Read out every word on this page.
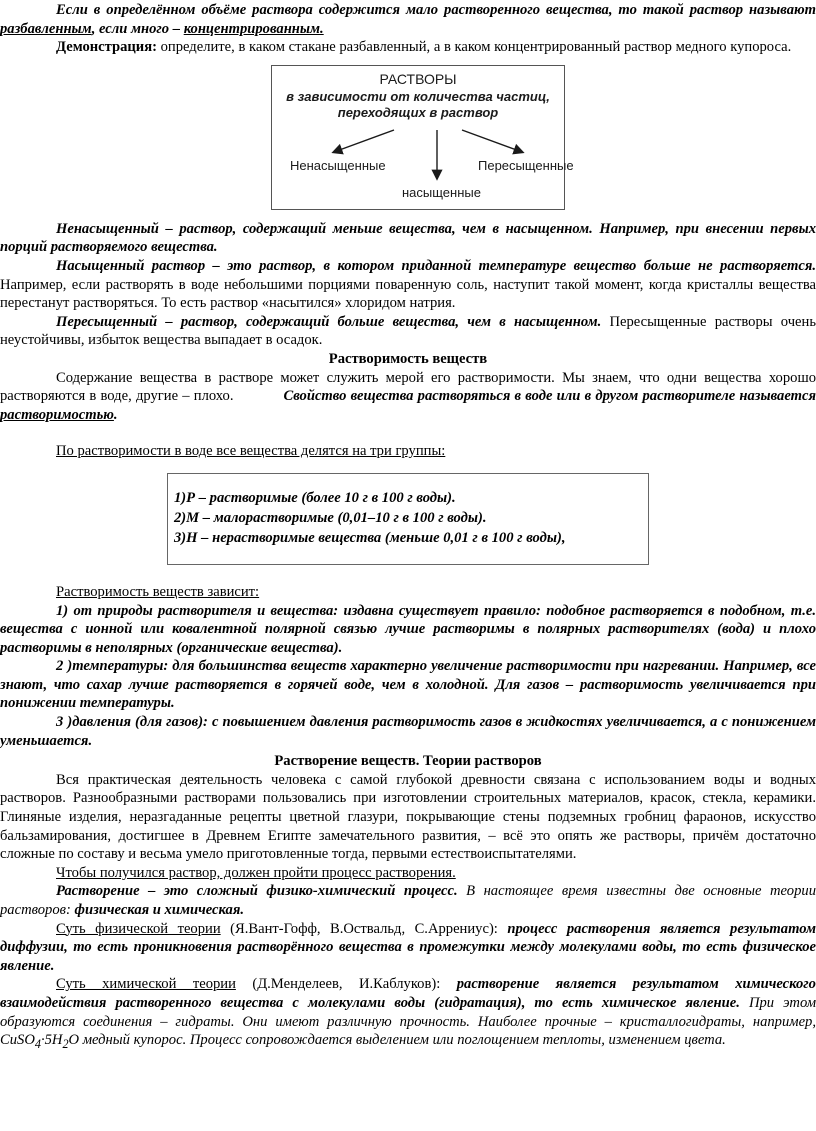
Если в определённом объёме раствора содержится мало растворенного вещества, то такой раствор называют разбавленным, если много – концентрированным.

Демонстрация: определите, в каком стакане разбавленный, а в каком концентрированный раствор медного купороса.

РАСТВОРЫ
в зависимости от количества частиц,
переходящих в раствор
Ненасыщенные	Пересыщенные
насыщенные

Ненасыщенный – раствор, содержащий меньше вещества, чем в насыщенном. Например, при внесении первых порций растворяемого вещества.

Насыщенный раствор – это раствор, в котором приданной температуре вещество больше не растворяется. Например, если растворять в воде небольшими порциями поваренную соль, наступит такой момент, когда кристаллы вещества перестанут растворяться. То есть раствор «насытился» хлоридом натрия.

Пересыщенный – раствор, содержащий больше вещества, чем в насыщенном. Пересыщенные растворы очень неустойчивы, избыток вещества выпадает в осадок.

Растворимость веществ

Содержание вещества в растворе может служить мерой его растворимости. Мы знаем, что одни вещества хорошо растворяются в воде, другие – плохо.	Свойство вещества растворяться в воде или в другом растворителе называется растворимостью.

По растворимости в воде все вещества делятся на три группы:

1)Р – растворимые (более 10 г в 100 г воды).
2)М – малорастворимые (0,01–10 г в 100 г воды).
3)Н – нерастворимые вещества (меньше 0,01 г в 100 г воды),

Растворимость веществ зависит:

1) от природы растворителя и вещества: издавна существует правило: подобное растворяется в подобном, т.е. вещества с ионной или ковалентной полярной связью лучше растворимы в полярных растворителях (вода) и плохо растворимы в неполярных (органические вещества).

2 )температуры: для большинства веществ характерно увеличение растворимости при нагревании. Например, все знают, что сахар лучше растворяется в горячей воде, чем в холодной. Для газов – растворимость увеличивается при понижении температуры.

3 )давления (для газов): с повышением давления растворимость газов в жидкостях увеличивается, а с понижением уменьшается.

Растворение веществ. Теории растворов

Вся практическая деятельность человека с самой глубокой древности связана с использованием воды и водных растворов. Разнообразными растворами пользовались при изготовлении строительных материалов, красок, стекла, керамики. Глиняные изделия, неразгаданные рецепты цветной глазури, покрывающие стены подземных гробниц фараонов, искусство бальзамирования, достигшее в Древнем Египте замечательного развития, – всё это опять же растворы, причём достаточно сложные по составу и весьма умело приготовленные тогда, первыми естествоиспытателями.

Чтобы получился раствор, должен пройти процесс растворения.

Растворение – это сложный физико-химический процесс. В настоящее время известны две основные теории растворов: физическая и химическая.

Суть физической теории (Я.Вант-Гофф, В.Оствальд, С.Аррениус): процесс растворения является результатом диффузии, то есть проникновения растворённого вещества в промежутки между молекулами воды, то есть физическое явление.

Суть химической теории (Д.Менделеев, И.Каблуков): растворение является результатом химического взаимодействия растворенного вещества с молекулами воды (гидратация), то есть химическое явление. При этом образуются соединения – гидраты. Они имеют различную прочность. Наиболее прочные – кристаллогидраты, например, $CuSO_4\cdot 5H_2O$ медный купорос. Процесс сопровождается выделением или поглощением теплоты, изменением цвета.
